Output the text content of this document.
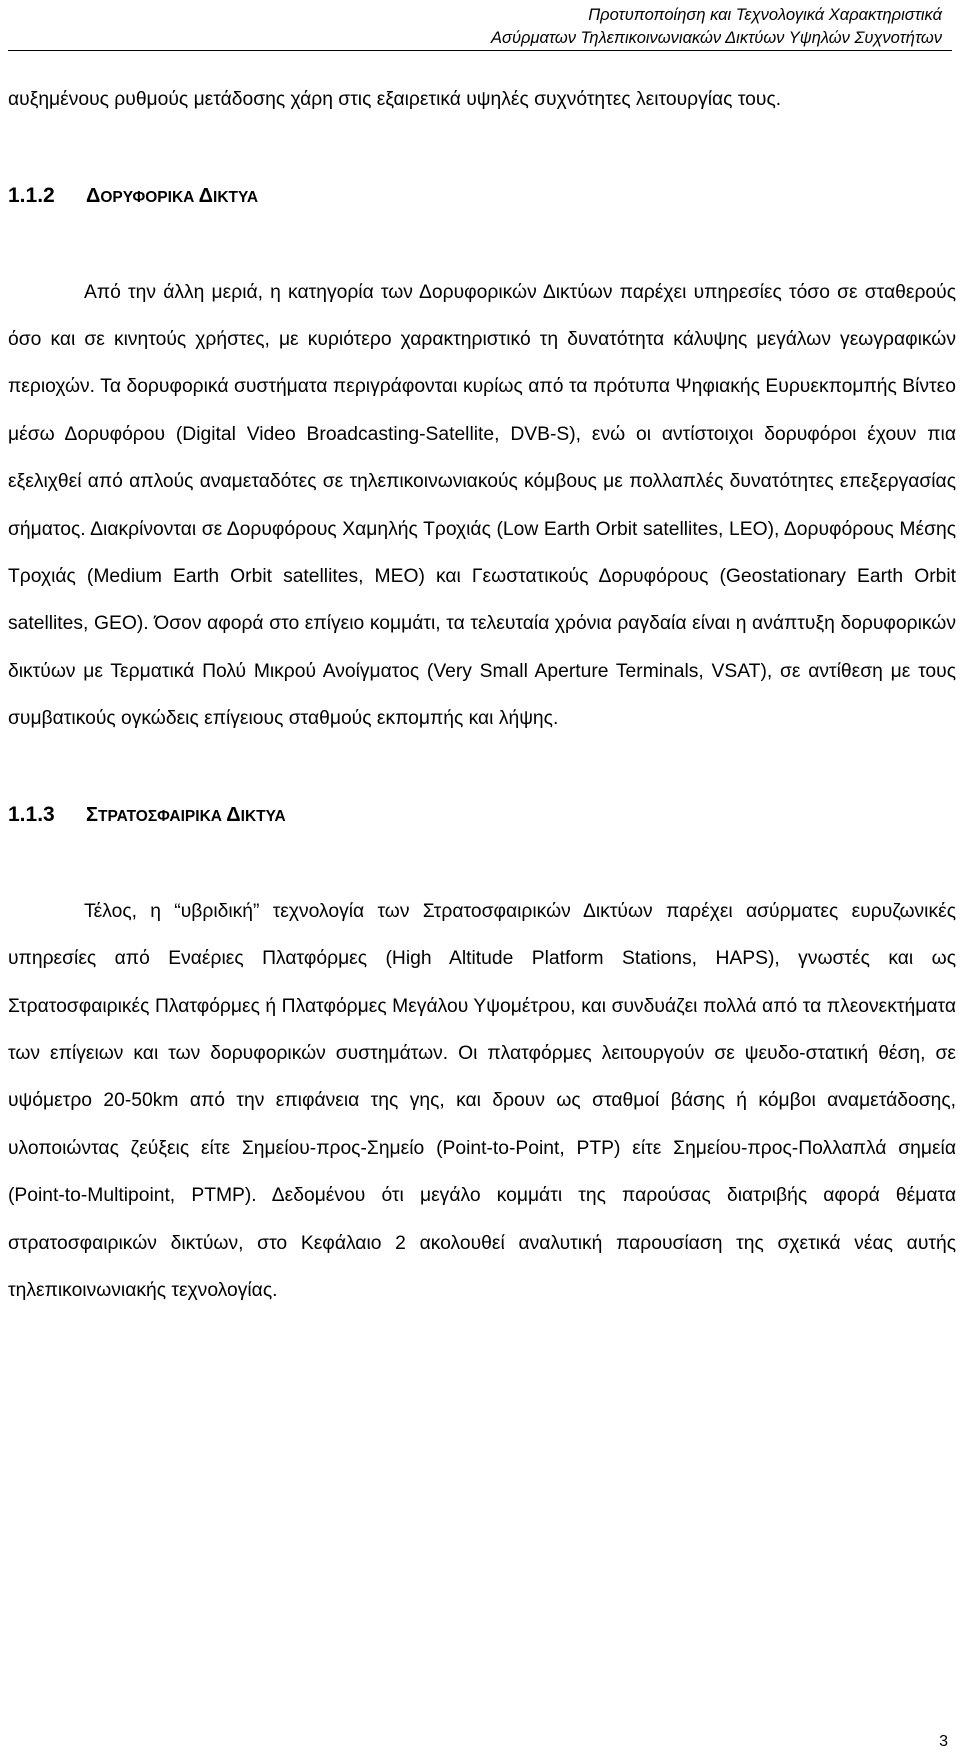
Προτυποποίηση και Τεχνολογικά Χαρακτηριστικά
Ασύρματων Τηλεπικοινωνιακών Δικτύων Υψηλών Συχνοτήτων

αυξημένους ρυθμούς μετάδοσης χάρη στις εξαιρετικά υψηλές συχνότητες λειτουργίας τους.

1.1.2 ΔΟΡΥΦΟΡΙΚΑ ΔΙΚΤΥΑ

Από την άλλη μεριά, η κατηγορία των Δορυφορικών Δικτύων παρέχει υπηρεσίες τόσο σε σταθερούς όσο και σε κινητούς χρήστες, με κυριότερο χαρακτηριστικό τη δυνατότητα κάλυψης μεγάλων γεωγραφικών περιοχών. Τα δορυφορικά συστήματα περιγράφονται κυρίως από τα πρότυπα Ψηφιακής Ευρυεκπομπής Βίντεο μέσω Δορυφόρου (Digital Video Broadcasting-Satellite, DVB-S), ενώ οι αντίστοιχοι δορυφόροι έχουν πια εξελιχθεί από απλούς αναμεταδότες σε τηλεπικοινωνιακούς κόμβους με πολλαπλές δυνατότητες επεξεργασίας σήματος. Διακρίνονται σε Δορυφόρους Χαμηλής Τροχιάς (Low Earth Orbit satellites, LEO), Δορυφόρους Μέσης Τροχιάς (Medium Earth Orbit satellites, MEO) και Γεωστατικούς Δορυφόρους (Geostationary Earth Orbit satellites, GEO). Όσον αφορά στο επίγειο κομμάτι, τα τελευταία χρόνια ραγδαία είναι η ανάπτυξη δορυφορικών δικτύων με Τερματικά Πολύ Μικρού Ανοίγματος (Very Small Aperture Terminals, VSAT), σε αντίθεση με τους συμβατικούς ογκώδεις επίγειους σταθμούς εκπομπής και λήψης.

1.1.3 ΣΤΡΑΤΟΣΦΑΙΡΙΚΑ ΔΙΚΤΥΑ

Τέλος, η “υβριδική” τεχνολογία των Στρατοσφαιρικών Δικτύων παρέχει ασύρματες ευρυζωνικές υπηρεσίες από Εναέριες Πλατφόρμες (High Altitude Platform Stations, HAPS), γνωστές και ως Στρατοσφαιρικές Πλατφόρμες ή Πλατφόρμες Μεγάλου Υψομέτρου, και συνδυάζει πολλά από τα πλεονεκτήματα των επίγειων και των δορυφορικών συστημάτων. Οι πλατφόρμες λειτουργούν σε ψευδο-στατική θέση, σε υψόμετρο 20-50km από την επιφάνεια της γης, και δρουν ως σταθμοί βάσης ή κόμβοι αναμετάδοσης, υλοποιώντας ζεύξεις είτε Σημείου-προς-Σημείο (Point-to-Point, PTP) είτε Σημείου-προς-Πολλαπλά σημεία (Point-to-Multipoint, PTMP). Δεδομένου ότι μεγάλο κομμάτι της παρούσας διατριβής αφορά θέματα στρατοσφαιρικών δικτύων, στο Κεφάλαιο 2 ακολουθεί αναλυτική παρουσίαση της σχετικά νέας αυτής τηλεπικοινωνιακής τεχνολογίας.

3
